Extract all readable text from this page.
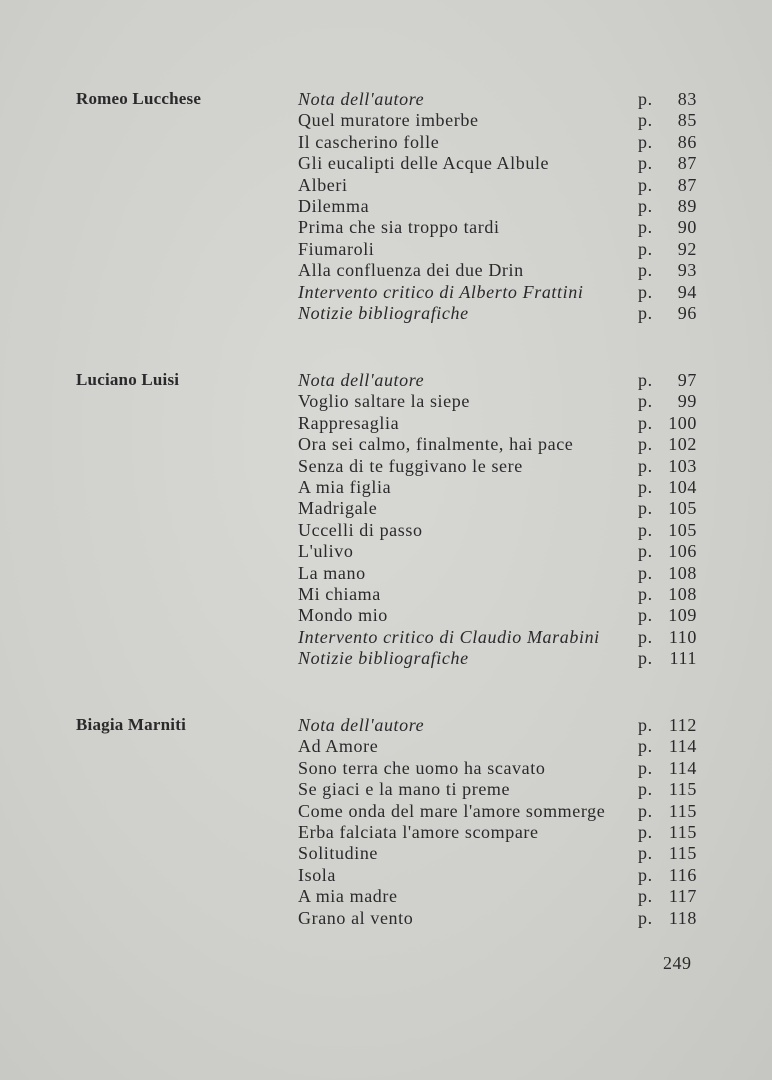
Romeo Lucchese	Nota dell'autore	p. 83
Quel muratore imberbe	p. 85
Il cascherino folle	p. 86
Gli eucalipti delle Acque Albule	p. 87
Alberi	p. 87
Dilemma	p. 89
Prima che sia troppo tardi	p. 90
Fiumaroli	p. 92
Alla confluenza dei due Drin	p. 93
Intervento critico di Alberto Frattini	p. 94
Notizie bibliografiche	p. 96
Luciano Luisi	Nota dell'autore	p. 97
Voglio saltare la siepe	p. 99
Rappresaglia	p. 100
Ora sei calmo, finalmente, hai pace	p. 102
Senza di te fuggivano le sere	p. 103
A mia figlia	p. 104
Madrigale	p. 105
Uccelli di passo	p. 105
L'ulivo	p. 106
La mano	p. 108
Mi chiama	p. 108
Mondo mio	p. 109
Intervento critico di Claudio Marabini p. 110
Notizie bibliografiche	p. 111
Biagia Marniti	Nota dell'autore	p. 112
Ad Amore	p. 114
Sono terra che uomo ha scavato	p. 114
Se giaci e la mano ti preme	p. 115
Come onda del mare l'amore sommerge p. 115
Erba falciata l'amore scompare	p. 115
Solitudine	p. 115
Isola	p. 116
A mia madre	p. 117
Grano al vento	p. 118
249
